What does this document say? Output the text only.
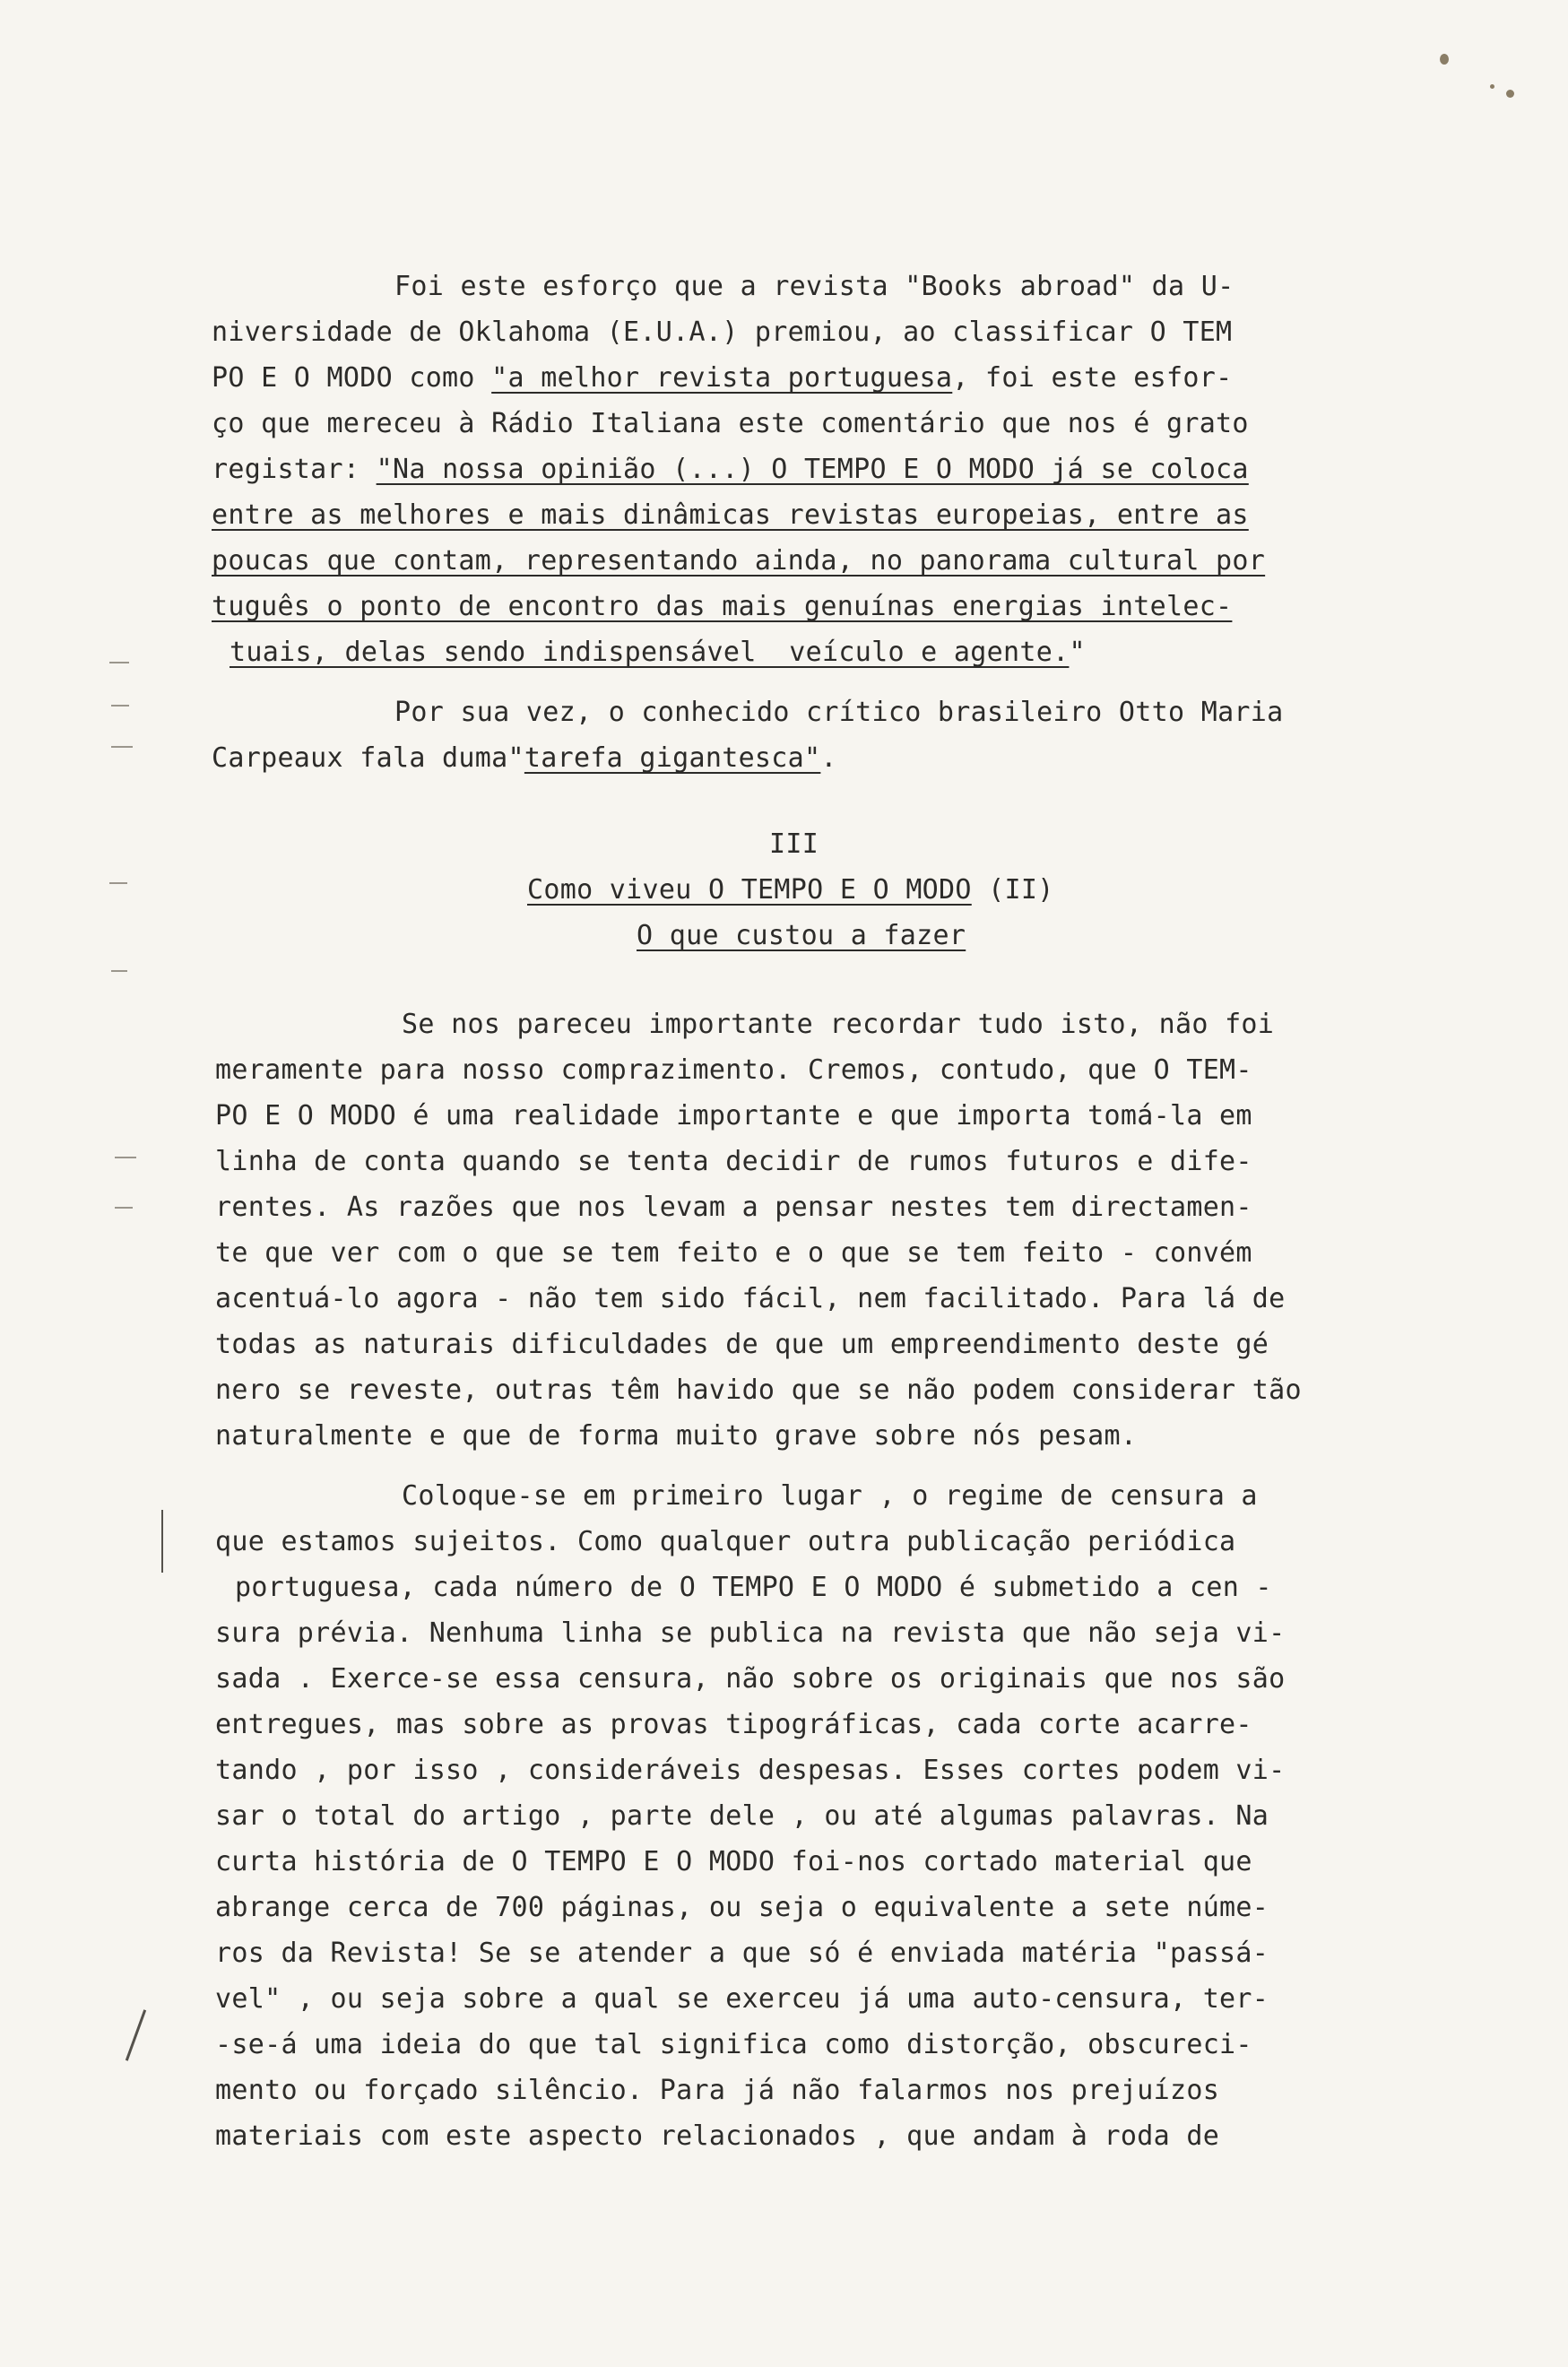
Foi este esforço que a revista "Books abroad" da U-
niversidade de Oklahoma (E.U.A.) premiou, ao classificar O TEM
PO E O MODO como "a melhor revista portuguesa, foi este esfor-
ço que mereceu à Rádio Italiana este comentário que nos é grato
registar: "Na nossa opinião (...) O TEMPO E O MODO já se coloca
entre as melhores e mais dinâmicas revistas europeias, entre as
poucas que contam, representando ainda, no panorama cultural por
tuguês o ponto de encontro das mais genuínas energias intelec-
tuais, delas sendo indispensável  veículo e agente."
Por sua vez, o conhecido crítico brasileiro Otto Maria
Carpeaux fala duma"tarefa gigantesca".
III
Como viveu O TEMPO E O MODO (II)
O que custou a fazer
Se nos pareceu importante recordar tudo isto, não foi
meramente para nosso comprazimento. Cremos, contudo, que O TEM-
PO E O MODO é uma realidade importante e que importa tomá-la em
linha de conta quando se tenta decidir de rumos futuros e dife-
rentes. As razões que nos levam a pensar nestes tem directamen-
te que ver com o que se tem feito e o que se tem feito - convém
acentuá-lo agora - não tem sido fácil, nem facilitado. Para lá de
todas as naturais dificuldades de que um empreendimento deste gé
nero se reveste, outras têm havido que se não podem considerar tão
naturalmente e que de forma muito grave sobre nós pesam.
Coloque-se em primeiro lugar , o regime de censura a
que estamos sujeitos. Como qualquer outra publicação periódica
portuguesa, cada número de O TEMPO E O MODO é submetido a cen -
sura prévia. Nenhuma linha se publica na revista que não seja vi-
sada . Exerce-se essa censura, não sobre os originais que nos são
entregues, mas sobre as provas tipográficas, cada corte acarre-
tando , por isso , consideráveis despesas. Esses cortes podem vi-
sar o total do artigo , parte dele , ou até algumas palavras. Na
curta história de O TEMPO E O MODO foi-nos cortado material que
abrange cerca de 700 páginas, ou seja o equivalente a sete núme-
ros da Revista! Se se atender a que só é enviada matéria "passá-
vel" , ou seja sobre a qual se exerceu já uma auto-censura, ter-
-se-á uma ideia do que tal significa como distorção, obscureci-
mento ou forçado silêncio. Para já não falarmos nos prejuízos
materiais com este aspecto relacionados , que andam à roda de
